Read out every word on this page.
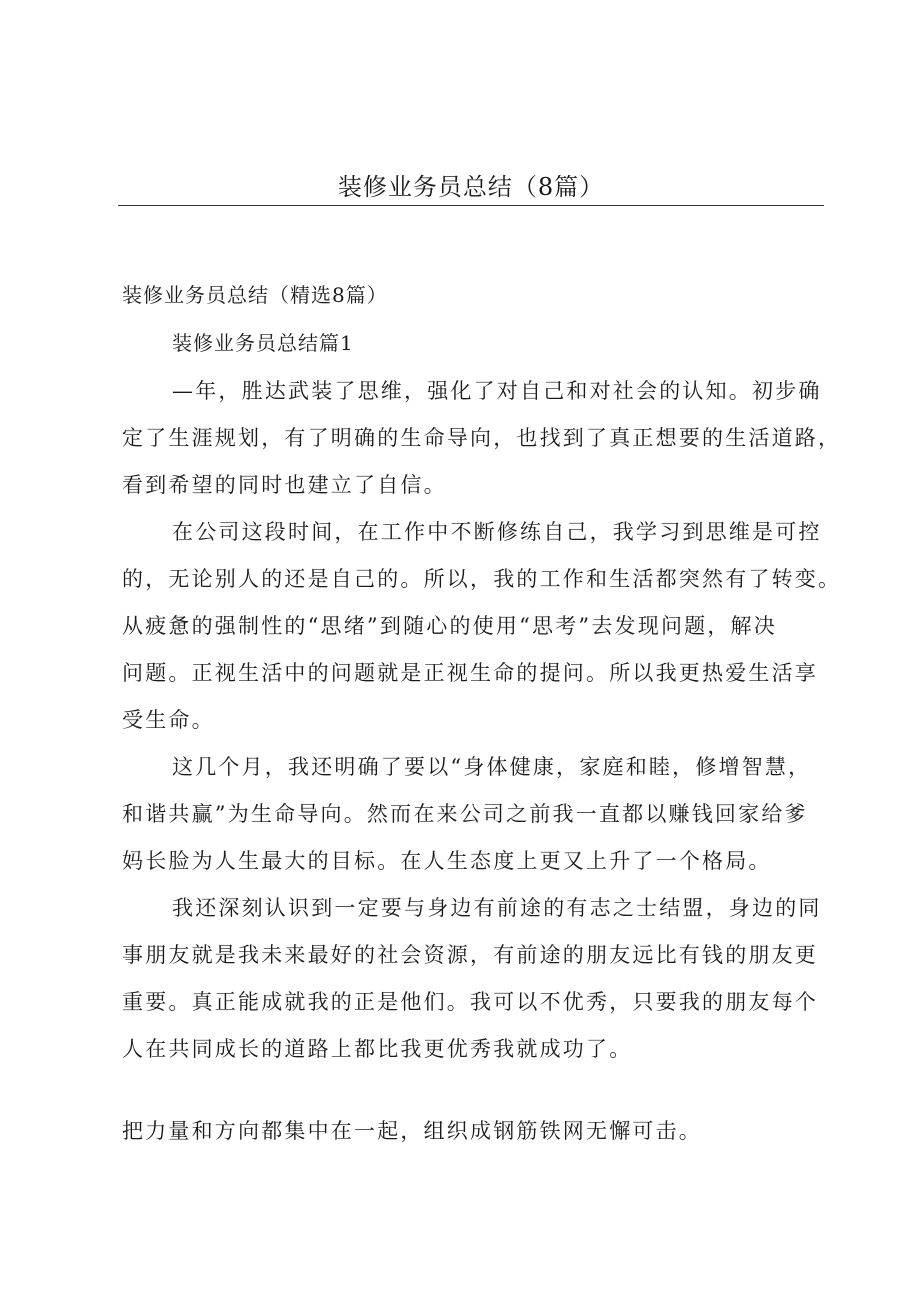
装修业务员总结（8篇）
装修业务员总结（精选8篇）
装修业务员总结篇1
—年，胜达武装了思维，强化了对自己和对社会的认知。初步确
定了生涯规划，有了明确的生命导向，也找到了真正想要的生活道路，
看到希望的同时也建立了自信。
在公司这段时间，在工作中不断修练自己，我学习到思维是可控
的，无论别人的还是自己的。所以，我的工作和生活都突然有了转变。
从疲惫的强制性的“思绪”到随心的使用“思考”去发现问题，解决
问题。正视生活中的问题就是正视生命的提问。所以我更热爱生活享
受生命。
这几个月，我还明确了要以“身体健康，家庭和睦，修增智慧，
和谐共赢”为生命导向。然而在来公司之前我一直都以赚钱回家给爹
妈长脸为人生最大的目标。在人生态度上更又上升了一个格局。
我还深刻认识到一定要与身边有前途的有志之士结盟，身边的同
事朋友就是我未来最好的社会资源，有前途的朋友远比有钱的朋友更
重要。真正能成就我的正是他们。我可以不优秀，只要我的朋友每个
人在共同成长的道路上都比我更优秀我就成功了。
把力量和方向都集中在一起，组织成钢筋铁网无懈可击。
